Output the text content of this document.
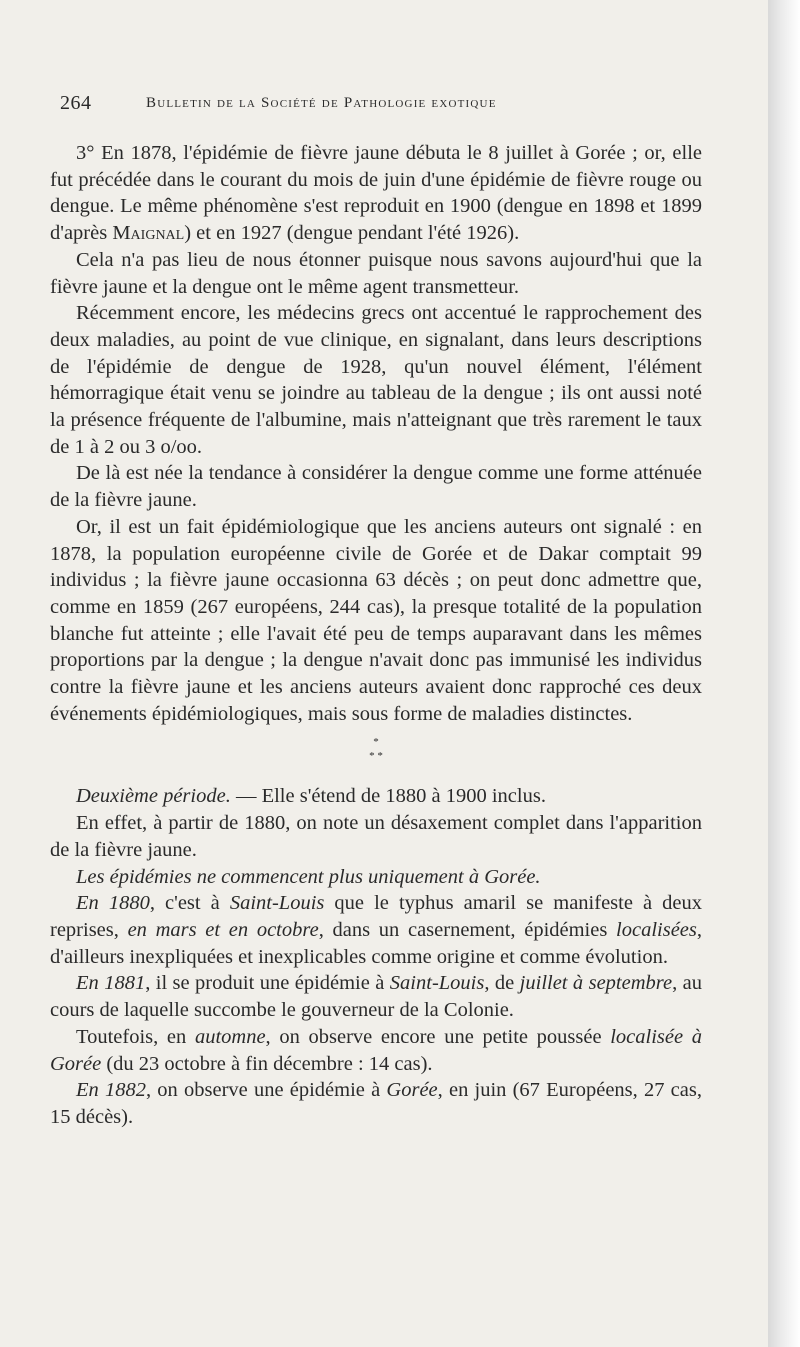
264	Bulletin de la Société de Pathologie exotique

3° En 1878, l'épidémie de fièvre jaune débuta le 8 juillet à Gorée ; or, elle fut précédée dans le courant du mois de juin d'une épidémie de fièvre rouge ou dengue. Le même phénomène s'est reproduit en 1900 (dengue en 1898 et 1899 d'après Maignal) et en 1927 (dengue pendant l'été 1926).

Cela n'a pas lieu de nous étonner puisque nous savons aujourd'hui que la fièvre jaune et la dengue ont le même agent transmetteur.

Récemment encore, les médecins grecs ont accentué le rapprochement des deux maladies, au point de vue clinique, en signalant, dans leurs descriptions de l'épidémie de dengue de 1928, qu'un nouvel élément, l'élément hémorragique était venu se joindre au tableau de la dengue ; ils ont aussi noté la présence fréquente de l'albumine, mais n'atteignant que très rarement le taux de 1 à 2 ou 3 o/oo.

De là est née la tendance à considérer la dengue comme une forme atténuée de la fièvre jaune.

Or, il est un fait épidémiologique que les anciens auteurs ont signalé : en 1878, la population européenne civile de Gorée et de Dakar comptait 99 individus ; la fièvre jaune occasionna 63 décès ; on peut donc admettre que, comme en 1859 (267 européens, 244 cas), la presque totalité de la population blanche fut atteinte ; elle l'avait été peu de temps auparavant dans les mêmes proportions par la dengue ; la dengue n'avait donc pas immunisé les individus contre la fièvre jaune et les anciens auteurs avaient donc rapproché ces deux événements épidémiologiques, mais sous forme de maladies distinctes.

*
* *

Deuxième période. — Elle s'étend de 1880 à 1900 inclus.

En effet, à partir de 1880, on note un désaxement complet dans l'apparition de la fièvre jaune.

Les épidémies ne commencent plus uniquement à Gorée.

En 1880, c'est à Saint-Louis que le typhus amaril se manifeste à deux reprises, en mars et en octobre, dans un casernement, épidémies localisées, d'ailleurs inexpliquées et inexplicables comme origine et comme évolution.

En 1881, il se produit une épidémie à Saint-Louis, de juillet à septembre, au cours de laquelle succombe le gouverneur de la Colonie.

Toutefois, en automne, on observe encore une petite poussée localisée à Gorée (du 23 octobre à fin décembre : 14 cas).

En 1882, on observe une épidémie à Gorée, en juin (67 Européens, 27 cas, 15 décès).
